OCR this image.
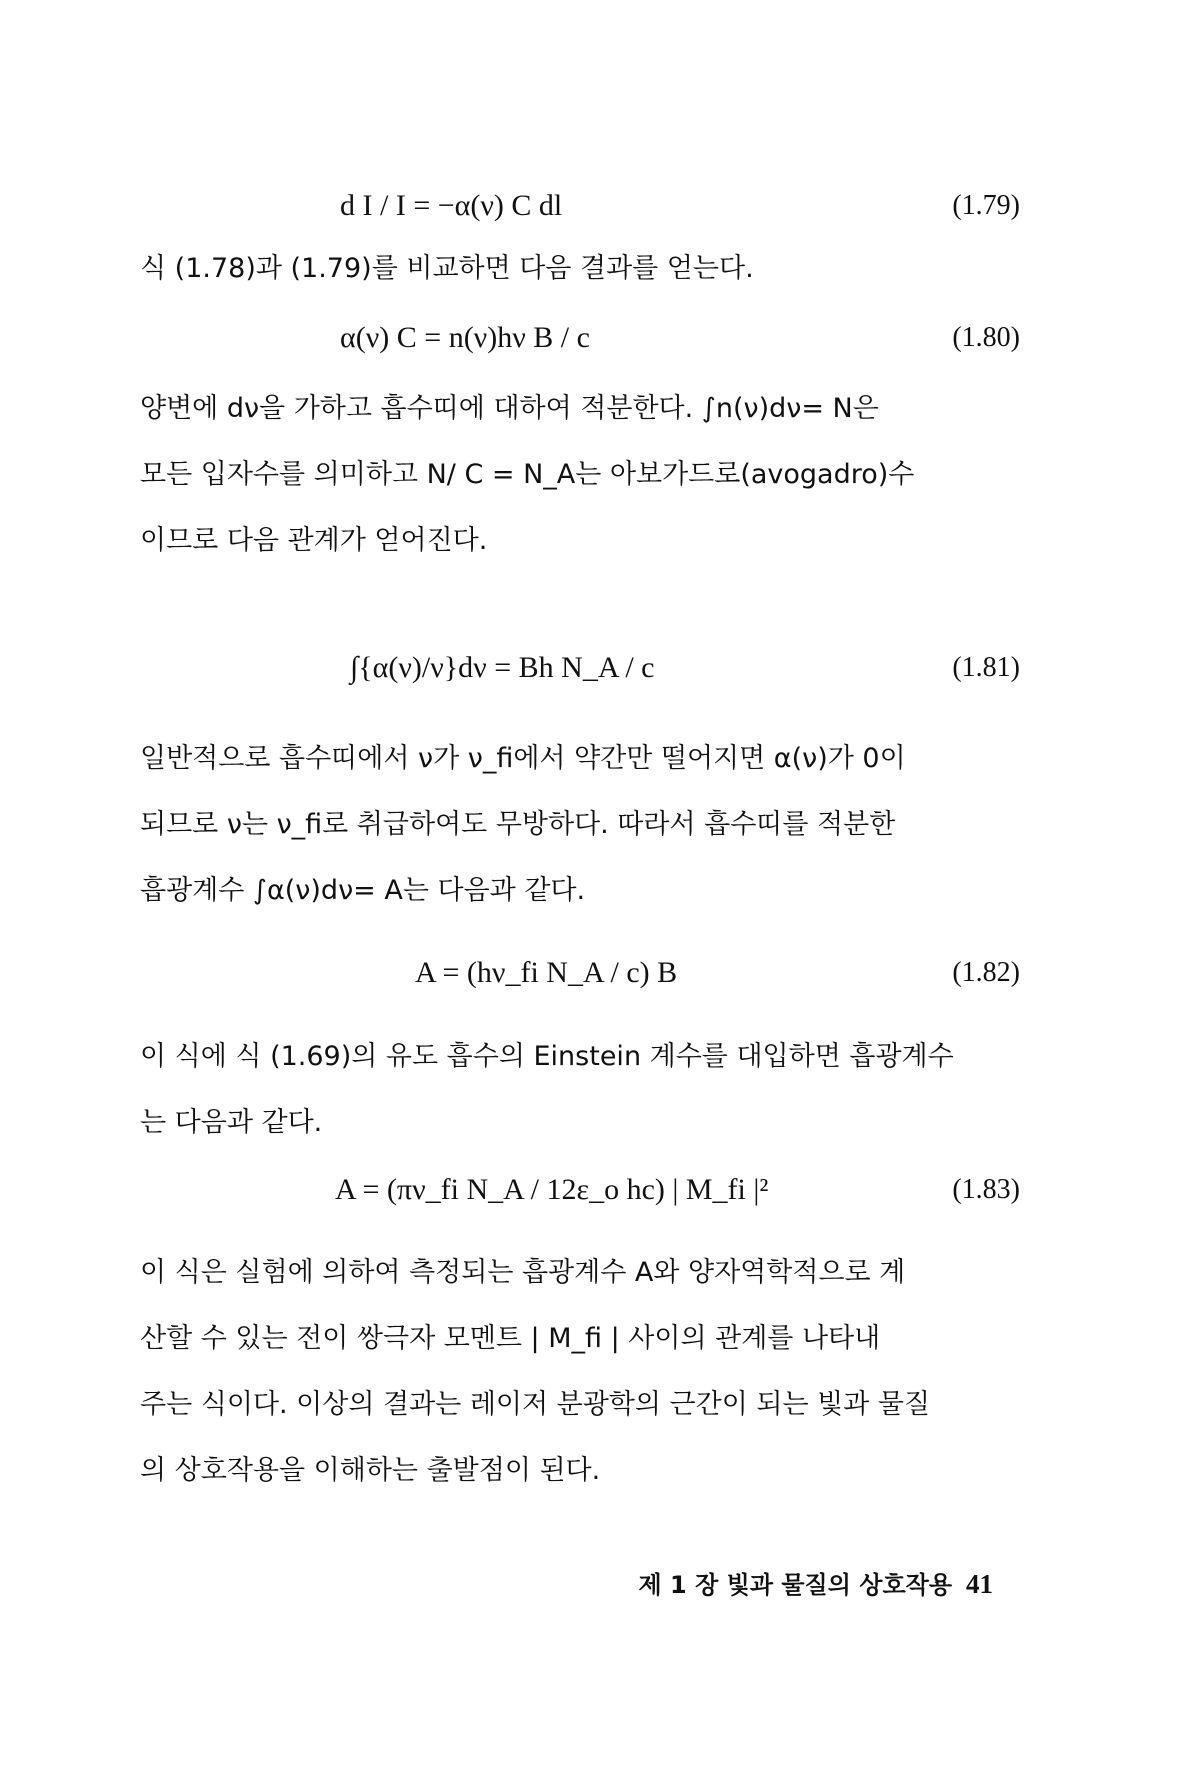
d I / I = −α(ν) C dl	(1.79)
식 (1.78)과 (1.79)를 비교하면 다음 결과를 얻는다.
α(ν) C = n(ν)hν B / c	(1.80)
양변에 dν을 가하고 흡수띠에 대하여 적분한다. ∫n(ν)dν= N은
모든 입자수를 의미하고 N/ C = N_A는 아보가드로(avogadro)수
이므로 다음 관계가 얻어진다.
∫{α(ν)/ν}dν = Bh N_A / c	(1.81)
일반적으로 흡수띠에서 ν가 ν_fi에서 약간만 떨어지면 α(ν)가 0이
되므로 ν는 ν_fi로 취급하여도 무방하다. 따라서 흡수띠를 적분한
흡광계수 ∫α(ν)dν= A는 다음과 같다.
A = (hν_fi N_A / c) B	(1.82)
이 식에 식 (1.69)의 유도 흡수의 Einstein 계수를 대입하면 흡광계수
는 다음과 같다.
A = (πν_fi N_A / 12ε_o hc) | M_fi |²	(1.83)
이 식은 실험에 의하여 측정되는 흡광계수 A와 양자역학적으로 계
산할 수 있는 전이 쌍극자 모멘트 | M_fi | 사이의 관계를 나타내
주는 식이다. 이상의 결과는 레이저 분광학의 근간이 되는 빛과 물질
의 상호작용을 이해하는 출발점이 된다.
제 1 장 빛과 물질의 상호작용 41
